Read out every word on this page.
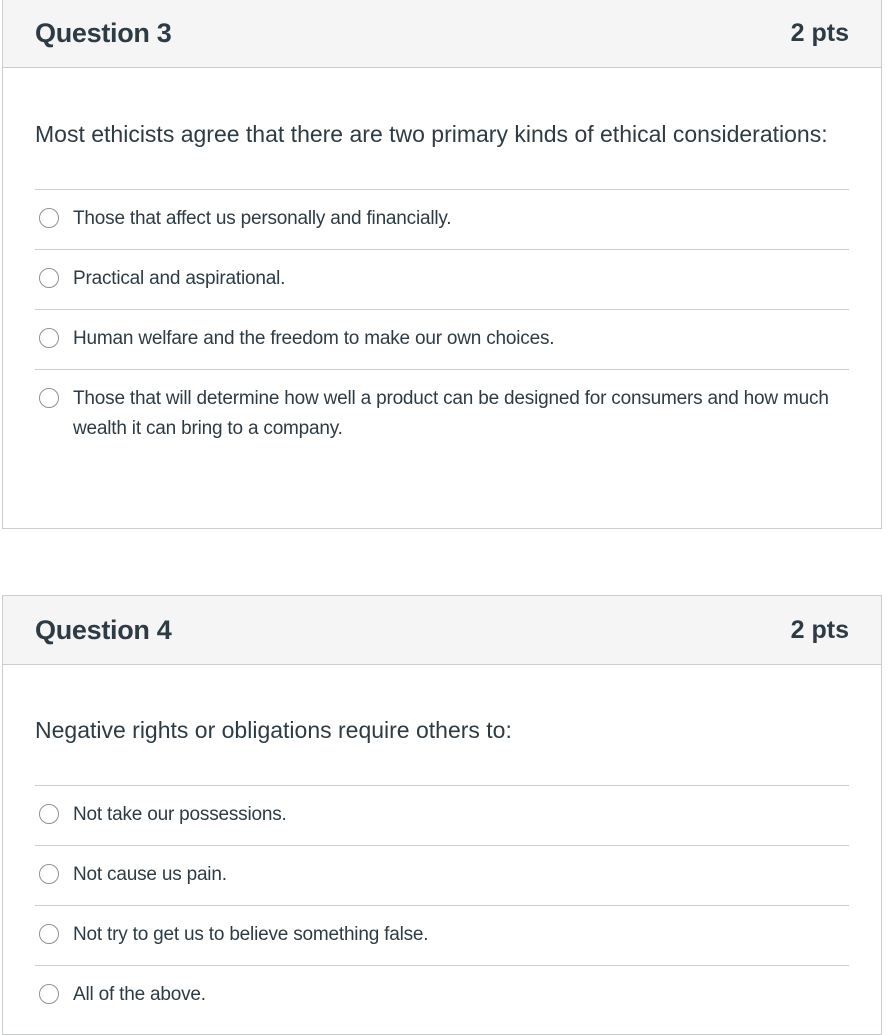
Question 3	2 pts

Most ethicists agree that there are two primary kinds of ethical considerations:

Those that affect us personally and financially.
Practical and aspirational.
Human welfare and the freedom to make our own choices.
Those that will determine how well a product can be designed for consumers and how much wealth it can bring to a company.
Question 4	2 pts

Negative rights or obligations require others to:

Not take our possessions.
Not cause us pain.
Not try to get us to believe something false.
All of the above.
